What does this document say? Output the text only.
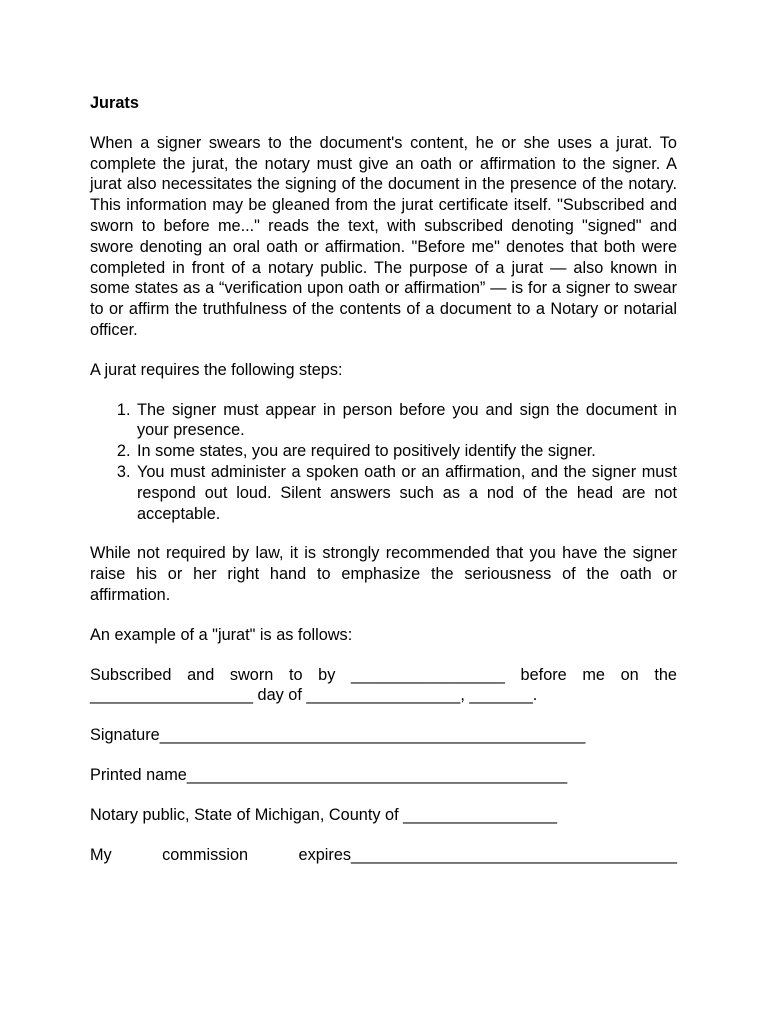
Jurats

When a signer swears to the document's content, he or she uses a jurat. To complete the jurat, the notary must give an oath or affirmation to the signer. A jurat also necessitates the signing of the document in the presence of the notary. This information may be gleaned from the jurat certificate itself. "Subscribed and sworn to before me..." reads the text, with subscribed denoting "signed" and swore denoting an oral oath or affirmation. "Before me" denotes that both were completed in front of a notary public. The purpose of a jurat — also known in some states as a “verification upon oath or affirmation” — is for a signer to swear to or affirm the truthfulness of the contents of a document to a Notary or notarial officer.

A jurat requires the following steps:

1. The signer must appear in person before you and sign the document in your presence.
2. In some states, you are required to positively identify the signer.
3. You must administer a spoken oath or an affirmation, and the signer must respond out loud. Silent answers such as a nod of the head are not acceptable.

While not required by law, it is strongly recommended that you have the signer raise his or her right hand to emphasize the seriousness of the oath or affirmation.

An example of a "jurat" is as follows:

Subscribed and sworn to by _________________ before me on the __________________ day of _________________, _______.

Signature_______________________________________________
Printed name__________________________________________
Notary public, State of Michigan, County of _________________
My	commission	expires____________________________________
